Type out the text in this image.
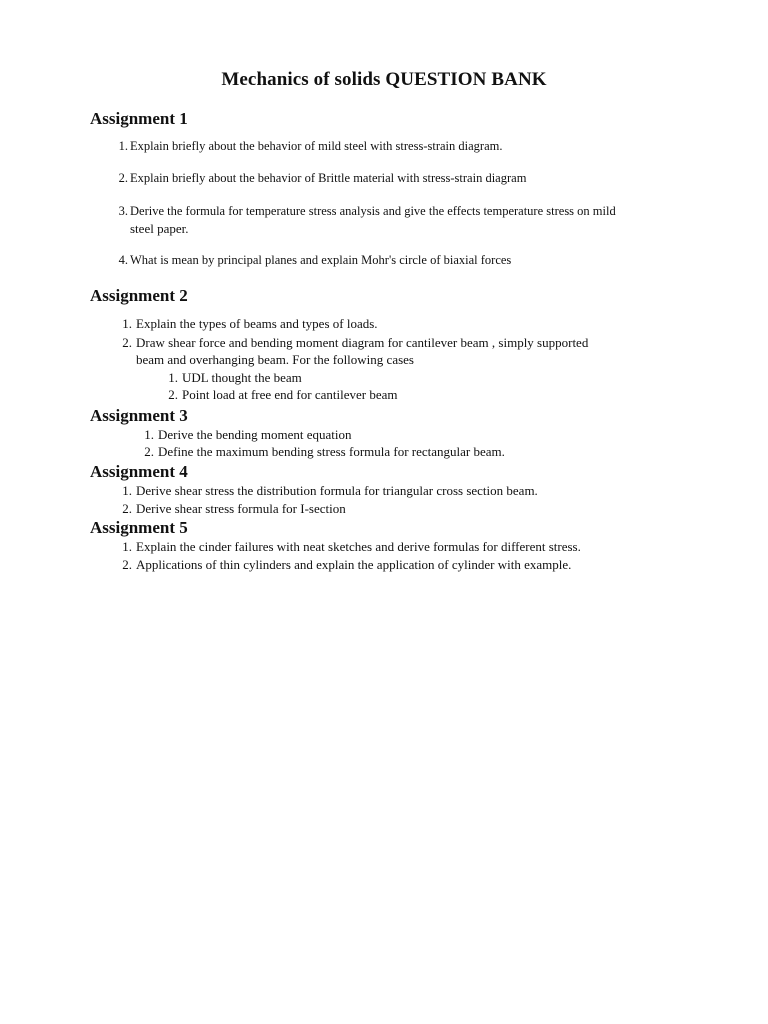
Mechanics of solids QUESTION BANK
Assignment 1
1. Explain briefly about the behavior of mild steel with stress-strain diagram.
2. Explain briefly about the behavior of Brittle material with stress-strain diagram
3. Derive the formula for temperature stress analysis and give the effects temperature stress on mild
steel paper.
4. What is mean by principal planes and explain Mohr's circle of biaxial forces
Assignment 2
1. Explain the types of beams and types of loads.
2. Draw shear force and bending moment diagram for cantilever beam , simply supported
beam and overhanging beam. For the following cases
1. UDL thought the beam
2. Point load at free end for cantilever beam
Assignment 3
1. Derive the bending moment equation
2. Define the maximum bending stress formula for rectangular beam.
Assignment 4
1. Derive shear stress the distribution formula for triangular cross section beam.
2. Derive shear stress formula for I-section
Assignment 5
1. Explain the cinder failures with neat sketches and derive formulas for different stress.
2. Applications of thin cylinders and explain the application of cylinder with example.
